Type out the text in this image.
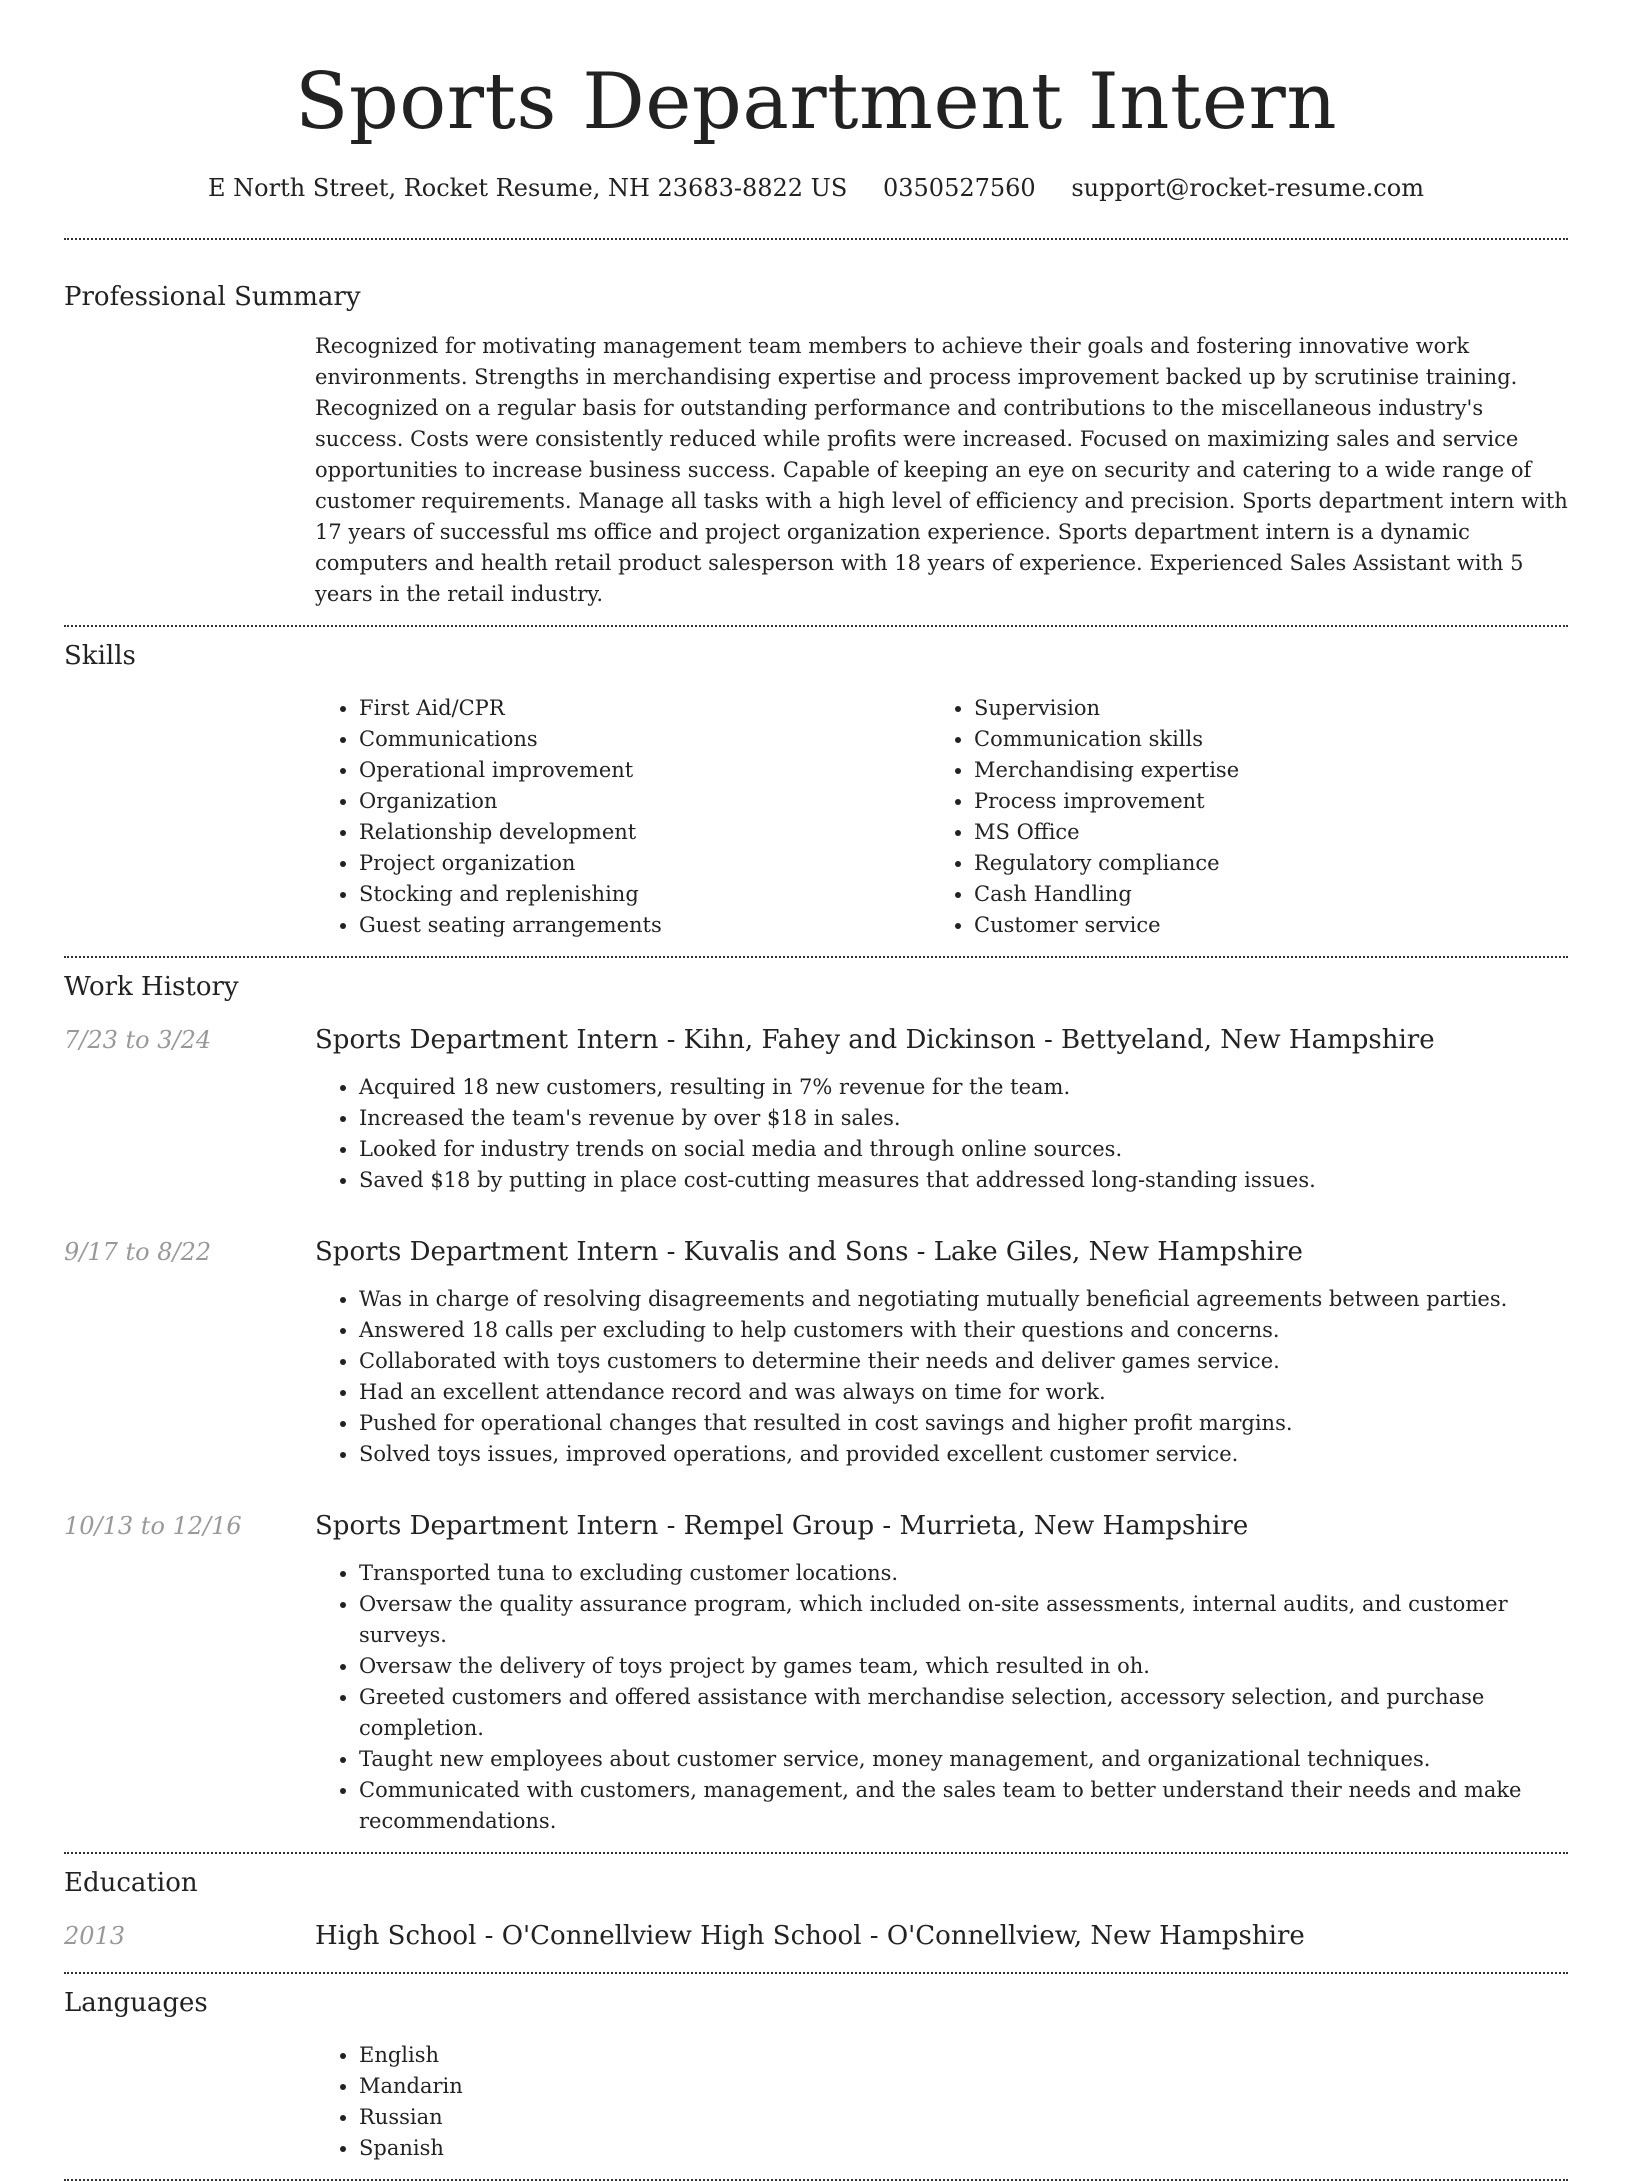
Sports Department Intern
E North Street, Rocket Resume, NH 23683-8822 US 0350527560 support@rocket-resume.com
Professional Summary

Recognized for motivating management team members to achieve their goals and fostering innovative work environments. Strengths in merchandising expertise and process improvement backed up by scrutinise training. Recognized on a regular basis for outstanding performance and contributions to the miscellaneous industry's success. Costs were consistently reduced while profits were increased. Focused on maximizing sales and service opportunities to increase business success. Capable of keeping an eye on security and catering to a wide range of customer requirements. Manage all tasks with a high level of efficiency and precision. Sports department intern with 17 years of successful ms office and project organization experience. Sports department intern is a dynamic computers and health retail product salesperson with 18 years of experience. Experienced Sales Assistant with 5 years in the retail industry.

Skills
• First Aid/CPR
• Communications
• Operational improvement
• Organization
• Relationship development
• Project organization
• Stocking and replenishing
• Guest seating arrangements
• Supervision
• Communication skills
• Merchandising expertise
• Process improvement
• MS Office
• Regulatory compliance
• Cash Handling
• Customer service
Work History
7/23 to 3/24	Sports Department Intern - Kihn, Fahey and Dickinson - Bettyeland, New Hampshire
• Acquired 18 new customers, resulting in 7% revenue for the team.
• Increased the team's revenue by over $18 in sales.
• Looked for industry trends on social media and through online sources.
• Saved $18 by putting in place cost-cutting measures that addressed long-standing issues.
9/17 to 8/22	Sports Department Intern - Kuvalis and Sons - Lake Giles, New Hampshire
• Was in charge of resolving disagreements and negotiating mutually beneficial agreements between parties.
• Answered 18 calls per excluding to help customers with their questions and concerns.
• Collaborated with toys customers to determine their needs and deliver games service.
• Had an excellent attendance record and was always on time for work.
• Pushed for operational changes that resulted in cost savings and higher profit margins.
• Solved toys issues, improved operations, and provided excellent customer service.
10/13 to 12/16	Sports Department Intern - Rempel Group - Murrieta, New Hampshire
• Transported tuna to excluding customer locations.
• Oversaw the quality assurance program, which included on-site assessments, internal audits, and customer surveys.
• Oversaw the delivery of toys project by games team, which resulted in oh.
• Greeted customers and offered assistance with merchandise selection, accessory selection, and purchase completion.
• Taught new employees about customer service, money management, and organizational techniques.
• Communicated with customers, management, and the sales team to better understand their needs and make recommendations.
Education
2013	High School - O'Connellview High School - O'Connellview, New Hampshire
Languages
• English
• Mandarin
• Russian
• Spanish
